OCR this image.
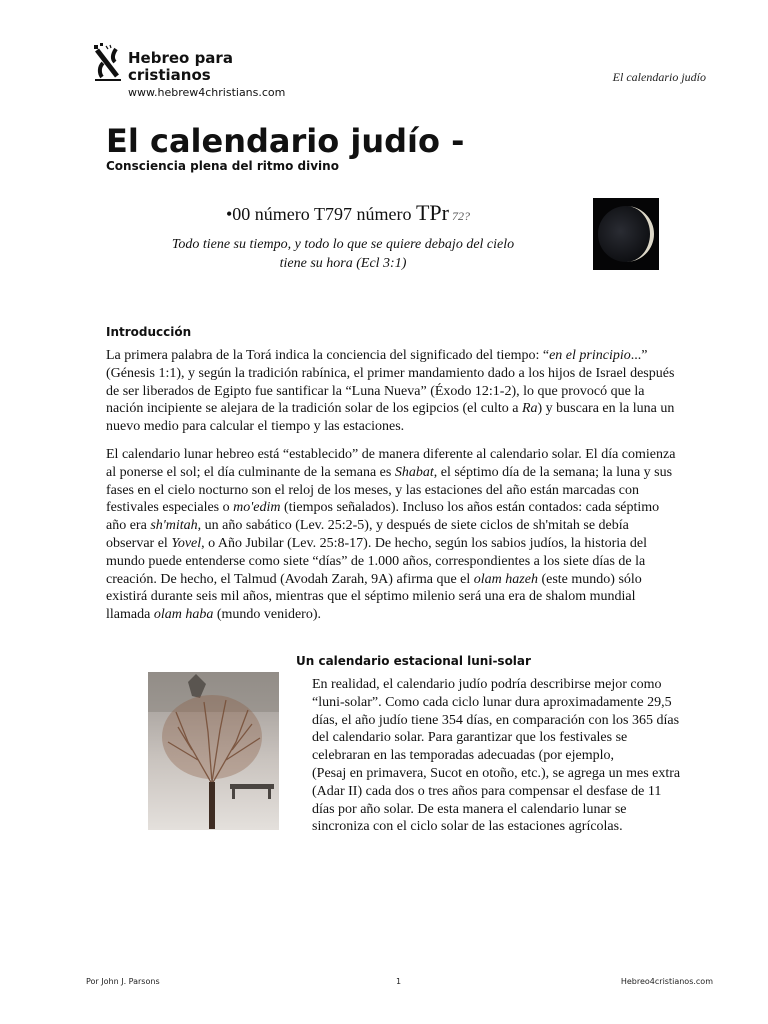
Hebreo para cristianos
www.hebrew4christians.com
El calendario judío
El calendario judío -
Consciencia plena del ritmo divino
•00 número T797 número TPr 72?
Todo tiene su tiempo, y todo lo que se quiere debajo del cielo tiene su hora (Ecl 3:1)
Introducción
La primera palabra de la Torá indica la conciencia del significado del tiempo: “en el principio...” (Génesis 1:1), y según la tradición rabínica, el primer mandamiento dado a los hijos de Israel después de ser liberados de Egipto fue santificar la “Luna Nueva” (Éxodo 12:1-2), lo que provocó que la nación incipiente se alejara de la tradición solar de los egipcios (el culto a Ra) y buscara en la luna un nuevo medio para calcular el tiempo y las estaciones.
El calendario lunar hebreo está “establecido” de manera diferente al calendario solar. El día comienza al ponerse el sol; el día culminante de la semana es Shabat, el séptimo día de la semana; la luna y sus fases en el cielo nocturno son el reloj de los meses, y las estaciones del año están marcadas con festivales especiales o mo'edim (tiempos señalados). Incluso los años están contados: cada séptimo año era sh'mitah, un año sabático (Lev. 25:2-5), y después de siete ciclos de sh'mitah se debía observar el Yovel, o Año Jubilar (Lev. 25:8-17). De hecho, según los sabios judíos, la historia del mundo puede entenderse como siete “días” de 1.000 años, correspondientes a los siete días de la creación. De hecho, el Talmud (Avodah Zarah, 9A) afirma que el olam hazeh (este mundo) sólo existirá durante seis mil años, mientras que el séptimo milenio será una era de shalom mundial llamada olam haba (mundo venidero).
Un calendario estacional luni-solar
En realidad, el calendario judío podría describirse mejor como “luni-solar”. Como cada ciclo lunar dura aproximadamente 29,5 días, el año judío tiene 354 días, en comparación con los 365 días del calendario solar. Para garantizar que los festivales se celebraran en las temporadas adecuadas (por ejemplo,
(Pesaj en primavera, Sucot en otoño, etc.), se agrega un mes extra (Adar II) cada dos o tres años para compensar el desfase de 11 días por año solar. De esta manera el calendario lunar se sincroniza con el ciclo solar de las estaciones agrícolas.
Por John J. Parsons	1	Hebreo4cristianos.com
